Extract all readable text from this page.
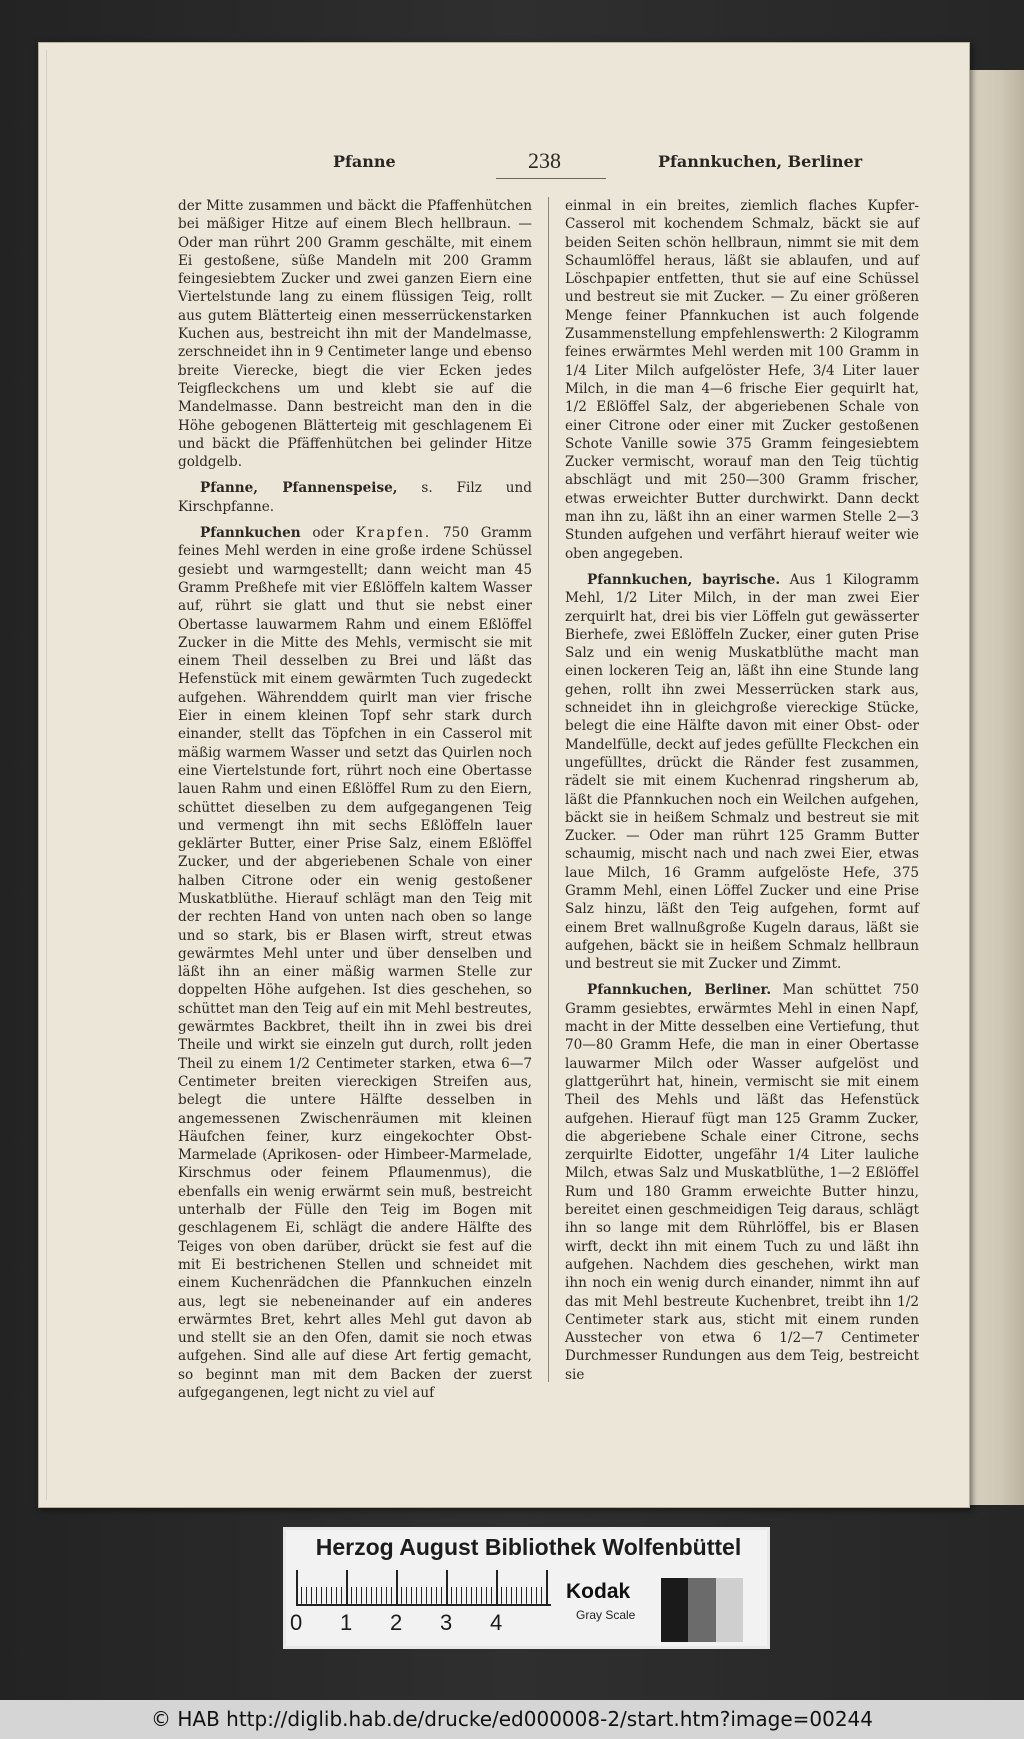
Pfanne	238	Pfannkuchen, Berliner

der Mitte zusammen und bäckt die Pfaffenhütchen bei mäßiger Hitze auf einem Blech hellbraun. — Oder man rührt 200 Gramm geschälte, mit einem Ei gestoßene, süße Mandeln mit 200 Gramm feingesiebtem Zucker und zwei ganzen Eiern eine Viertelstunde lang zu einem flüssigen Teig, rollt aus gutem Blätterteig einen messerrückenstarken Kuchen aus, bestreicht ihn mit der Mandelmasse, zerschneidet ihn in 9 Centimeter lange und ebenso breite Vierecke, biegt die vier Ecken jedes Teigfleckchens um und klebt sie auf die Mandelmasse. Dann bestreicht man den in die Höhe gebogenen Blätterteig mit geschlagenem Ei und bäckt die Pfäffenhütchen bei gelinder Hitze goldgelb.

Pfanne, Pfannenspeise, s. Filz und Kirschpfanne.

Pfannkuchen oder Krapfen. 750 Gramm feines Mehl werden in eine große irdene Schüssel gesiebt und warmgestellt; dann weicht man 45 Gramm Preßhefe mit vier Eßlöffeln kaltem Wasser auf, rührt sie glatt und thut sie nebst einer Obertasse lauwarmem Rahm und einem Eßlöffel Zucker in die Mitte des Mehls, vermischt sie mit einem Theil desselben zu Brei und läßt das Hefenstück mit einem gewärmten Tuch zugedeckt aufgehen. Währenddem quirlt man vier frische Eier in einem kleinen Topf sehr stark durch einander, stellt das Töpfchen in ein Casserol mit mäßig warmem Wasser und setzt das Quirlen noch eine Viertelstunde fort, rührt noch eine Obertasse lauen Rahm und einen Eßlöffel Rum zu den Eiern, schüttet dieselben zu dem aufgegangenen Teig und vermengt ihn mit sechs Eßlöffeln lauer geklärter Butter, einer Prise Salz, einem Eßlöffel Zucker, und der abgeriebenen Schale von einer halben Citrone oder ein wenig gestoßener Muskatblüthe. Hierauf schlägt man den Teig mit der rechten Hand von unten nach oben so lange und so stark, bis er Blasen wirft, streut etwas gewärmtes Mehl unter und über denselben und läßt ihn an einer mäßig warmen Stelle zur doppelten Höhe aufgehen. Ist dies geschehen, so schüttet man den Teig auf ein mit Mehl bestreutes, gewärmtes Backbret, theilt ihn in zwei bis drei Theile und wirkt sie einzeln gut durch, rollt jeden Theil zu einem 1/2 Centimeter starken, etwa 6—7 Centimeter breiten viereckigen Streifen aus, belegt die untere Hälfte desselben in angemessenen Zwischenräumen mit kleinen Häufchen feiner, kurz eingekochter Obst-Marmelade (Aprikosen- oder Himbeer-Marmelade, Kirschmus oder feinem Pflaumenmus), die ebenfalls ein wenig erwärmt sein muß, bestreicht unterhalb der Fülle den Teig im Bogen mit geschlagenem Ei, schlägt die andere Hälfte des Teiges von oben darüber, drückt sie fest auf die mit Ei bestrichenen Stellen und schneidet mit einem Kuchenrädchen die Pfannkuchen einzeln aus, legt sie nebeneinander auf ein anderes erwärmtes Bret, kehrt alles Mehl gut davon ab und stellt sie an den Ofen, damit sie noch etwas aufgehen. Sind alle auf diese Art fertig gemacht, so beginnt man mit dem Backen der zuerst aufgegangenen, legt nicht zu viel auf

einmal in ein breites, ziemlich flaches Kupfer-Casserol mit kochendem Schmalz, bäckt sie auf beiden Seiten schön hellbraun, nimmt sie mit dem Schaumlöffel heraus, läßt sie ablaufen, und auf Löschpapier entfetten, thut sie auf eine Schüssel und bestreut sie mit Zucker. — Zu einer größeren Menge feiner Pfannkuchen ist auch folgende Zusammenstellung empfehlenswerth: 2 Kilogramm feines erwärmtes Mehl werden mit 100 Gramm in 1/4 Liter Milch aufgelöster Hefe, 3/4 Liter lauer Milch, in die man 4—6 frische Eier gequirlt hat, 1/2 Eßlöffel Salz, der abgeriebenen Schale von einer Citrone oder einer mit Zucker gestoßenen Schote Vanille sowie 375 Gramm feingesiebtem Zucker vermischt, worauf man den Teig tüchtig abschlägt und mit 250—300 Gramm frischer, etwas erweichter Butter durchwirkt. Dann deckt man ihn zu, läßt ihn an einer warmen Stelle 2—3 Stunden aufgehen und verfährt hierauf weiter wie oben angegeben.

Pfannkuchen, bayrische. Aus 1 Kilogramm Mehl, 1/2 Liter Milch, in der man zwei Eier zerquirlt hat, drei bis vier Löffeln gut gewässerter Bierhefe, zwei Eßlöffeln Zucker, einer guten Prise Salz und ein wenig Muskatblüthe macht man einen lockeren Teig an, läßt ihn eine Stunde lang gehen, rollt ihn zwei Messerrücken stark aus, schneidet ihn in gleichgroße viereckige Stücke, belegt die eine Hälfte davon mit einer Obst- oder Mandelfülle, deckt auf jedes gefüllte Fleckchen ein ungefülltes, drückt die Ränder fest zusammen, rädelt sie mit einem Kuchenrad ringsherum ab, läßt die Pfannkuchen noch ein Weilchen aufgehen, bäckt sie in heißem Schmalz und bestreut sie mit Zucker. — Oder man rührt 125 Gramm Butter schaumig, mischt nach und nach zwei Eier, etwas laue Milch, 16 Gramm aufgelöste Hefe, 375 Gramm Mehl, einen Löffel Zucker und eine Prise Salz hinzu, läßt den Teig aufgehen, formt auf einem Bret wallnußgroße Kugeln daraus, läßt sie aufgehen, bäckt sie in heißem Schmalz hellbraun und bestreut sie mit Zucker und Zimmt.

Pfannkuchen, Berliner. Man schüttet 750 Gramm gesiebtes, erwärmtes Mehl in einen Napf, macht in der Mitte desselben eine Vertiefung, thut 70—80 Gramm Hefe, die man in einer Obertasse lauwarmer Milch oder Wasser aufgelöst und glattgerührt hat, hinein, vermischt sie mit einem Theil des Mehls und läßt das Hefenstück aufgehen. Hierauf fügt man 125 Gramm Zucker, die abgeriebene Schale einer Citrone, sechs zerquirlte Eidotter, ungefähr 1/4 Liter lauliche Milch, etwas Salz und Muskatblüthe, 1—2 Eßlöffel Rum und 180 Gramm erweichte Butter hinzu, bereitet einen geschmeidigen Teig daraus, schlägt ihn so lange mit dem Rührlöffel, bis er Blasen wirft, deckt ihn mit einem Tuch zu und läßt ihn aufgehen. Nachdem dies geschehen, wirkt man ihn noch ein wenig durch einander, nimmt ihn auf das mit Mehl bestreute Kuchenbret, treibt ihn 1/2 Centimeter stark aus, sticht mit einem runden Ausstecher von etwa 6 1/2—7 Centimeter Durchmesser Rundungen aus dem Teig, bestreicht sie

Herzog August Bibliothek Wolfenbüttel
0 1 2 3 4
Kodak
Gray Scale
© HAB http://diglib.hab.de/drucke/ed000008-2/start.htm?image=00244
